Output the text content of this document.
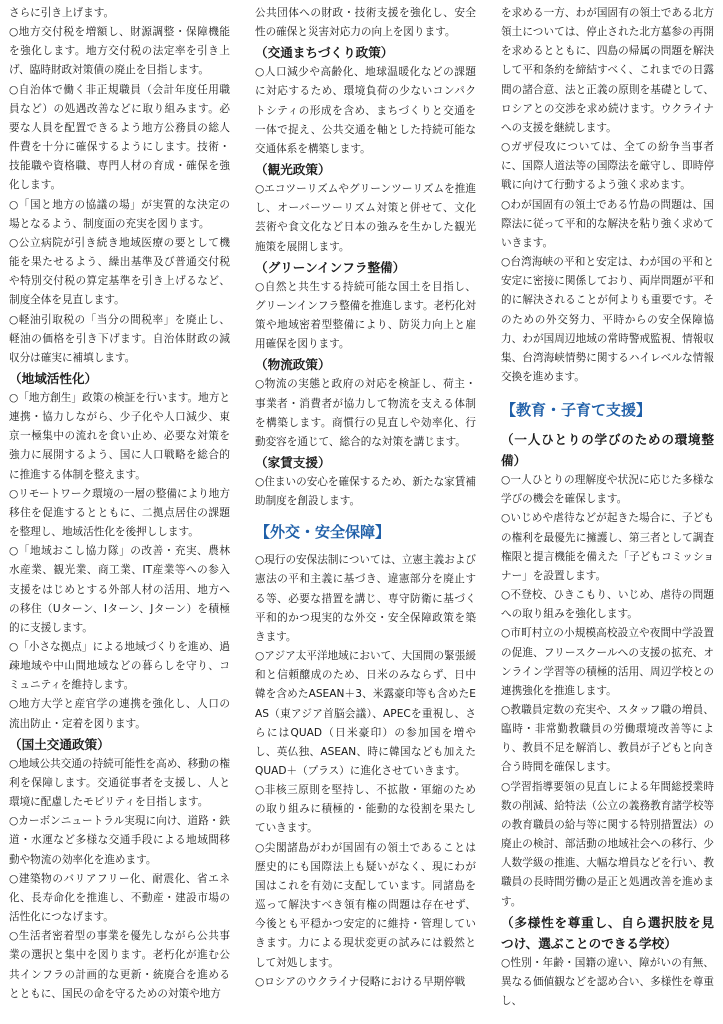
さらに引き上げます。

○地方交付税を増額し、財源調整・保障機能を強化します。地方交付税の法定率を引き上げ、臨時財政対策債の廃止を目指します。

○自治体で働く非正規職員（会計年度任用職員など）の処遇改善などに取り組みます。必要な人員を配置できるよう地方公務員の総人件費を十分に確保するようにします。技術・技能職や資格職、専門人材の育成・確保を強化します。

○「国と地方の協議の場」が実質的な決定の場となるよう、制度面の充実を図ります。

○公立病院が引き続き地域医療の要として機能を果たせるよう、繰出基準及び普通交付税や特別交付税の算定基準を引き上げるなど、制度全体を見直します。

○軽油引取税の「当分の間税率」を廃止し、軽油の価格を引き下げます。自治体財政の減収分は確実に補填します。

（地域活性化）

○「地方創生」政策の検証を行います。地方と連携・協力しながら、少子化や人口減少、東京一極集中の流れを食い止め、必要な対策を強力に展開するよう、国に人口戦略を総合的に推進する体制を整えます。

○リモートワーク環境の一層の整備により地方移住を促進するとともに、二拠点居住の課題を整理し、地域活性化を後押しします。

○「地域おこし協力隊」の改善・充実、農林水産業、観光業、商工業、IT産業等への参入支援をはじめとする外部人材の活用、地方への移住（Uターン、Iターン、Jターン）を積極的に支援します。

○「小さな拠点」による地域づくりを進め、過疎地域や中山間地域などの暮らしを守り、コミュニティを維持します。

○地方大学と産官学の連携を強化し、人口の流出防止・定着を図ります。

（国土交通政策）

○地域公共交通の持続可能性を高め、移動の権利を保障します。交通従事者を支援し、人と環境に配慮したモビリティを目指します。

○カーボンニュートラル実現に向け、道路・鉄道・水運など多様な交通手段による地域間移動や物流の効率化を進めます。

○建築物のバリアフリー化、耐震化、省エネ化、長寿命化を推進し、不動産・建設市場の活性化につなげます。

○生活者密着型の事業を優先しながら公共事業の選択と集中を図ります。老朽化が進む公共インフラの計画的な更新・統廃合を進めるとともに、国民の命を守るための対策や地方

公共団体への財政・技術支援を強化し、安全性の確保と災害対応力の向上を図ります。

（交通まちづくり政策）

○人口減少や高齢化、地球温暖化などの課題に対応するため、環境負荷の少ないコンパクトシティの形成を含め、まちづくりと交通を一体で捉え、公共交通を軸とした持続可能な交通体系を構築します。

（観光政策）

○エコツーリズムやグリーンツーリズムを推進し、オーバーツーリズム対策と併せて、文化芸術や食文化など日本の強みを生かした観光施策を展開します。

（グリーンインフラ整備）

○自然と共生する持続可能な国土を目指し、グリーンインフラ整備を推進します。老朽化対策や地域密着型整備により、防災力向上と雇用確保を図ります。

（物流政策）

○物流の実態と政府の対応を検証し、荷主・事業者・消費者が協力して物流を支える体制を構築します。商慣行の見直しや効率化、行動変容を通じて、総合的な対策を講じます。

（家賃支援）

○住まいの安心を確保するため、新たな家賃補助制度を創設します。

【外交・安全保障】

○現行の安保法制については、立憲主義および憲法の平和主義に基づき、違憲部分を廃止する等、必要な措置を講じ、専守防衛に基づく平和的かつ現実的な外交・安全保障政策を築きます。

○アジア太平洋地域において、大国間の緊張緩和と信頼醸成のため、日米のみならず、日中韓を含めたASEAN＋3、米露豪印等も含めたEAS（東アジア首脳会議）、APECを重視し、さらにはQUAD（日米豪印）の参加国を増やし、英仏独、ASEAN、時に韓国なども加えたQUAD＋（プラス）に進化させていきます。

○非核三原則を堅持し、不拡散・軍縮のための取り組みに積極的・能動的な役割を果たしていきます。

○尖閣諸島がわが国固有の領土であることは歴史的にも国際法上も疑いがなく、現にわが国はこれを有効に支配しています。同諸島を巡って解決すべき領有権の問題は存在せず、今後とも平穏かつ安定的に維持・管理していきます。力による現状変更の試みには毅然として対処します。

○ロシアのウクライナ侵略における早期停戦

を求める一方、わが国固有の領土である北方領土については、停止された北方墓参の再開を求めるとともに、四島の帰属の問題を解決して平和条約を締結すべく、これまでの日露間の諸合意、法と正義の原則を基礎として、ロシアとの交渉を求め続けます。ウクライナへの支援を継続します。

○ガザ侵攻については、全ての紛争当事者に、国際人道法等の国際法を厳守し、即時停戦に向けて行動するよう強く求めます。

○わが国固有の領土である竹島の問題は、国際法に従って平和的な解決を粘り強く求めていきます。

○台湾海峡の平和と安定は、わが国の平和と安定に密接に関係しており、両岸問題が平和的に解決されることが何よりも重要です。そのための外交努力、平時からの安全保障協力、わが国周辺地域の常時警戒監視、情報収集、台湾海峡情勢に関するハイレベルな情報交換を進めます。

【教育・子育て支援】

（一人ひとりの学びのための環境整備）

○一人ひとりの理解度や状況に応じた多様な学びの機会を確保します。

○いじめや虐待などが起きた場合に、子どもの権利を最優先に擁護し、第三者として調査権限と提言機能を備えた「子どもコミッショナー」を設置します。

○不登校、ひきこもり、いじめ、虐待の問題への取り組みを強化します。

○市町村立の小規模高校設立や夜間中学設置の促進、フリースクールへの支援の拡充、オンライン学習等の積極的活用、周辺学校との連携強化を推進します。

○教職員定数の充実や、スタッフ職の増員、臨時・非常勤教職員の労働環境改善等により、教員不足を解消し、教員が子どもと向き合う時間を確保します。

○学習指導要領の見直しによる年間総授業時数の削減、給特法（公立の義務教育諸学校等の教育職員の給与等に関する特別措置法）の廃止の検討、部活動の地域社会への移行、少人数学級の推進、大幅な増員などを行い、教職員の長時間労働の是正と処遇改善を進めます。

（多様性を尊重し、自ら選択肢を見つけ、選ぶことのできる学校）

○性別・年齢・国籍の違い、障がいの有無、異なる価値観などを認め合い、多様性を尊重し、
